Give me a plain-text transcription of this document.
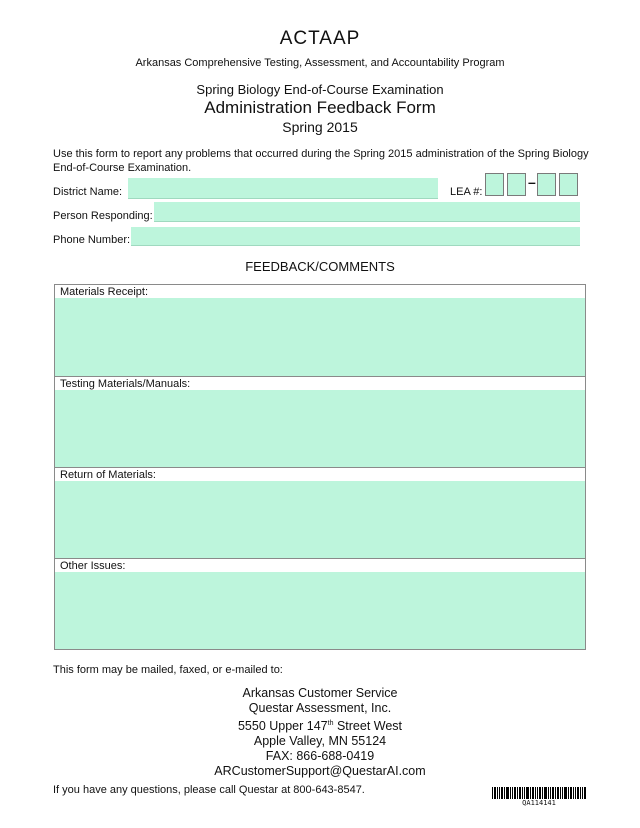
ACTAAP
Arkansas Comprehensive Testing, Assessment, and Accountability Program
Spring Biology End-of-Course Examination
Administration Feedback Form
Spring 2015
Use this form to report any problems that occurred during the Spring 2015 administration of the Spring Biology End-of-Course Examination.
District Name:	LEA #:
–
Person Responding:
Phone Number:
FEEDBACK/COMMENTS
Materials Receipt:
Testing Materials/Manuals:
Return of Materials:
Other Issues:
This form may be mailed, faxed, or e-mailed to:
Arkansas Customer Service
Questar Assessment, Inc.
5550 Upper 147th Street West
Apple Valley, MN 55124
FAX: 866-688-0419
ARCustomerSupport@QuestarAI.com
If you have any questions, please call Questar at 800-643-8547.
QA114141
